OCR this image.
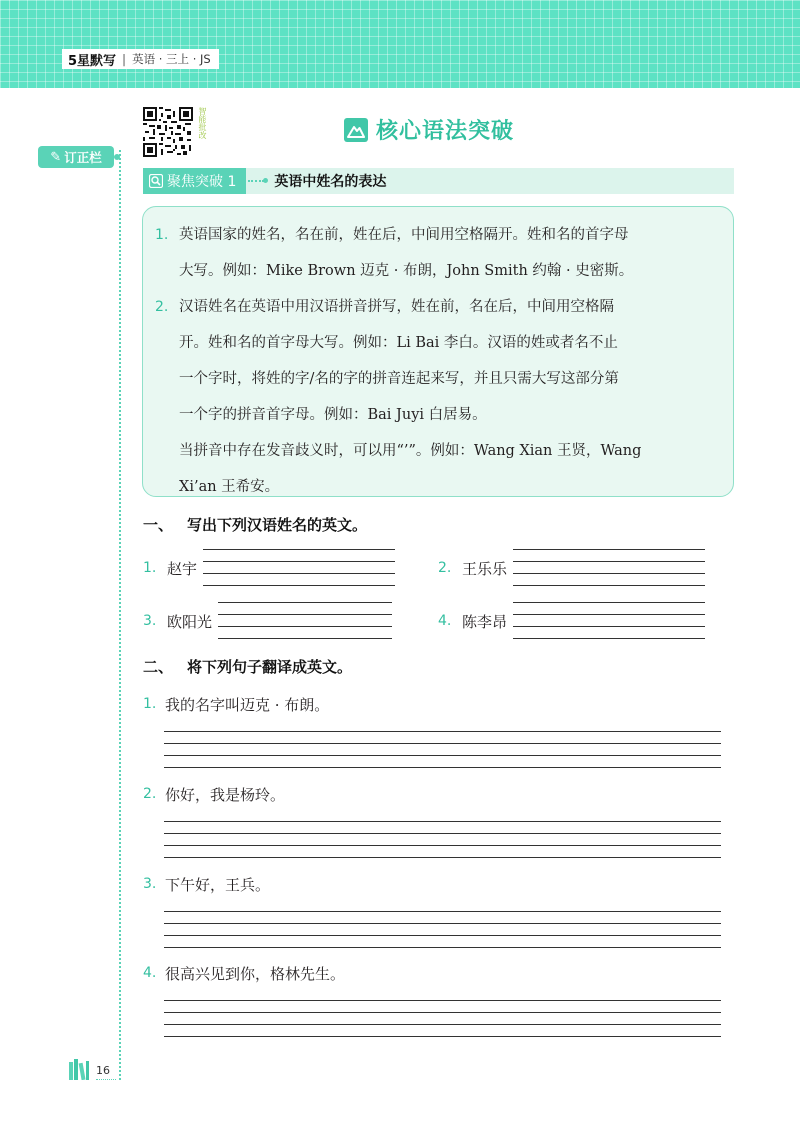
5星默写 | 英语 · 三上 · JS
✎ 订正栏
智能批改	核心语法突破
聚焦突破 1	英语中姓名的表达
1. 英语国家的姓名，名在前，姓在后，中间用空格隔开。姓和名的首字母
大写。例如：Mike Brown 迈克 · 布朗，John Smith 约翰 · 史密斯。
2. 汉语姓名在英语中用汉语拼音拼写，姓在前，名在后，中间用空格隔
开。姓和名的首字母大写。例如：Li Bai 李白。汉语的姓或者名不止
一个字时，将姓的字/名的字的拼音连起来写，并且只需大写这部分第
一个字的拼音首字母。例如：Bai Juyi 白居易。
当拼音中存在发音歧义时，可以用“’”。例如：Wang Xian 王贤，Wang
Xi’an 王希安。
一、 写出下列汉语姓名的英文。
1. 赵宇	2. 王乐乐
3. 欧阳光	4. 陈李昂
二、 将下列句子翻译成英文。
1. 我的名字叫迈克 · 布朗。
2. 你好，我是杨玲。
3. 下午好，王兵。
4. 很高兴见到你，格林先生。
16
